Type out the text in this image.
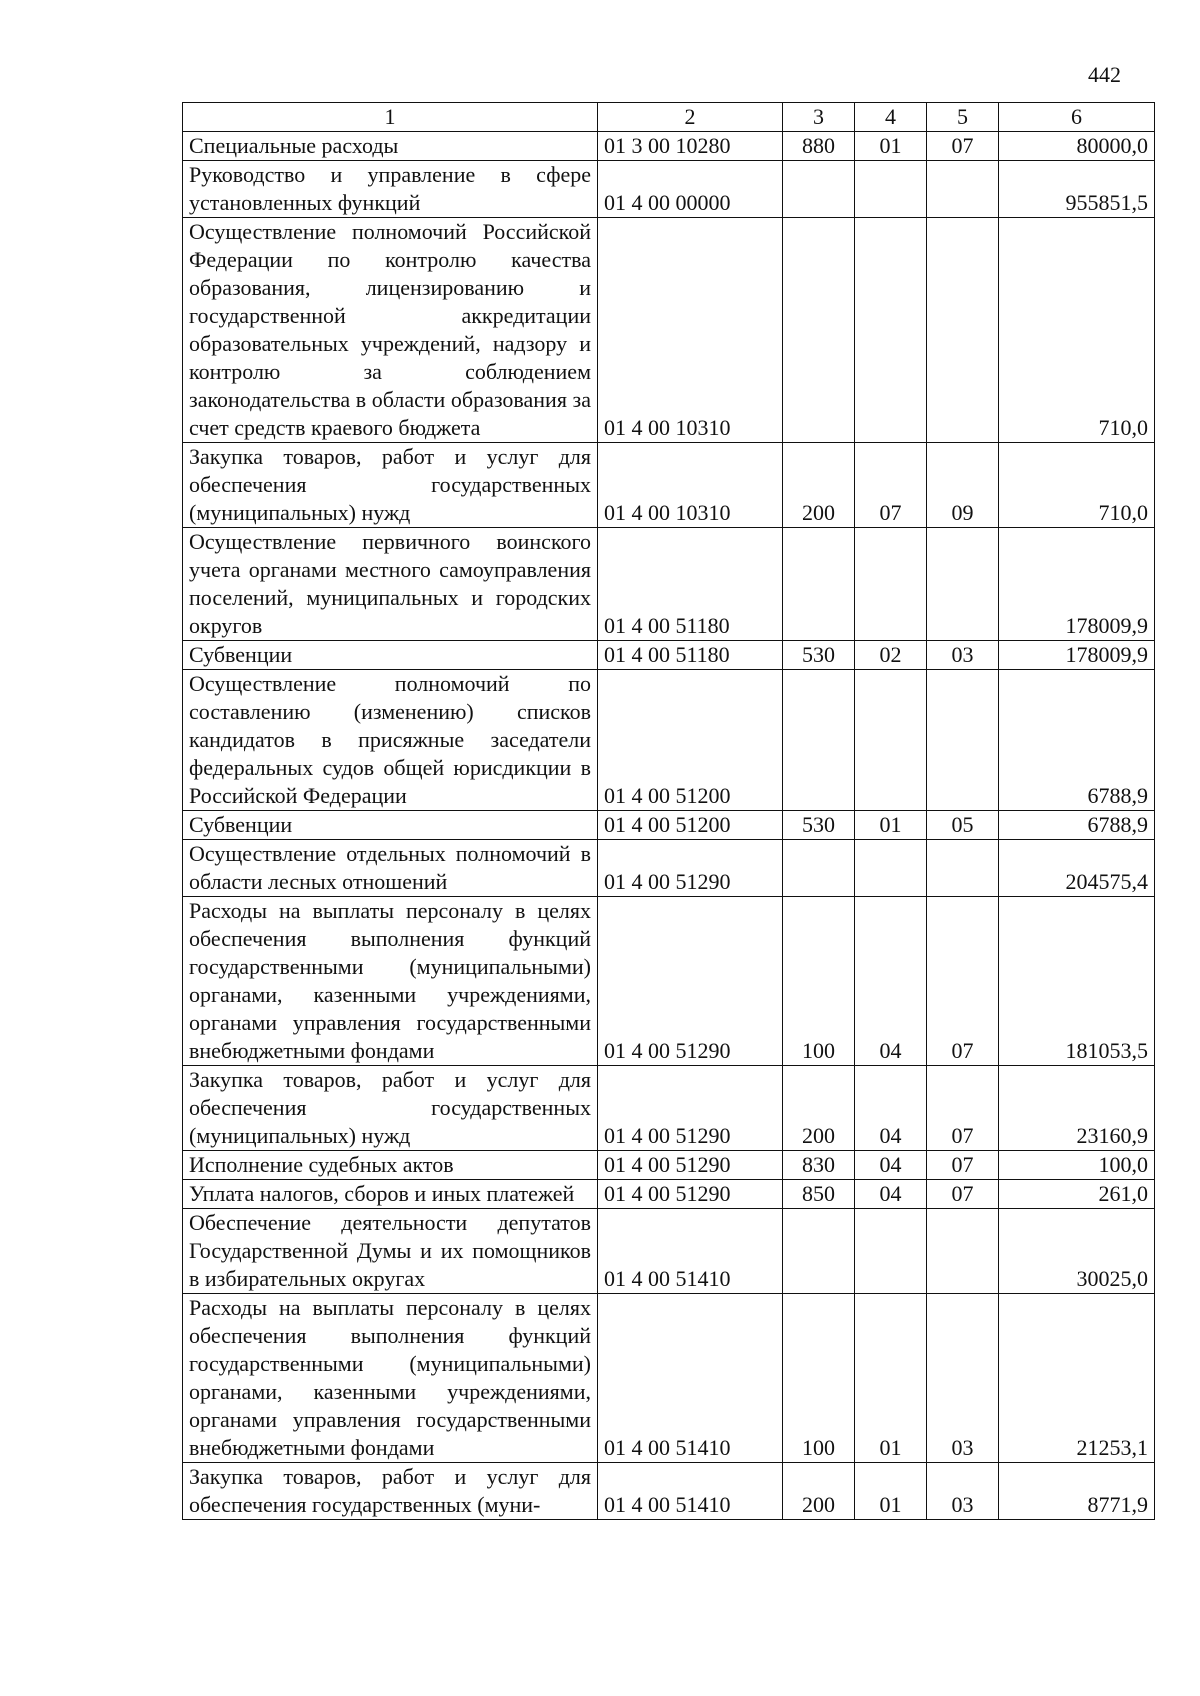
442
1	2	3	4	5	6
Специальные расходы	01 3 00 10280	880	01	07	80000,0
Руководство и управление в сфере установленных функций	01 4 00 00000				955851,5
Осуществление полномочий Российской Федерации по контролю качества образования, лицензированию и государственной аккредитации образовательных учреждений, надзору и контролю за соблюдением законодательства в области образования за счет средств краевого бюджета	01 4 00 10310				710,0
Закупка товаров, работ и услуг для обеспечения государственных (муниципальных) нужд	01 4 00 10310	200	07	09	710,0
Осуществление первичного воинского учета органами местного самоуправления поселений, муниципальных и городских округов	01 4 00 51180				178009,9
Субвенции	01 4 00 51180	530	02	03	178009,9
Осуществление полномочий по составлению (изменению) списков кандидатов в присяжные заседатели федеральных судов общей юрисдикции в Российской Федерации	01 4 00 51200				6788,9
Субвенции	01 4 00 51200	530	01	05	6788,9
Осуществление отдельных полномочий в области лесных отношений	01 4 00 51290				204575,4
Расходы на выплаты персоналу в целях обеспечения выполнения функций государственными (муниципальными) органами, казенными учреждениями, органами управления государственными внебюджетными фондами	01 4 00 51290	100	04	07	181053,5
Закупка товаров, работ и услуг для обеспечения государственных (муниципальных) нужд	01 4 00 51290	200	04	07	23160,9
Исполнение судебных актов	01 4 00 51290	830	04	07	100,0
Уплата налогов, сборов и иных платежей	01 4 00 51290	850	04	07	261,0
Обеспечение деятельности депутатов Государственной Думы и их помощников в избирательных округах	01 4 00 51410				30025,0
Расходы на выплаты персоналу в целях обеспечения выполнения функций государственными (муниципальными) органами, казенными учреждениями, органами управления государственными внебюджетными фондами	01 4 00 51410	100	01	03	21253,1
Закупка товаров, работ и услуг для обеспечения государственных (муни-	01 4 00 51410	200	01	03	8771,9
